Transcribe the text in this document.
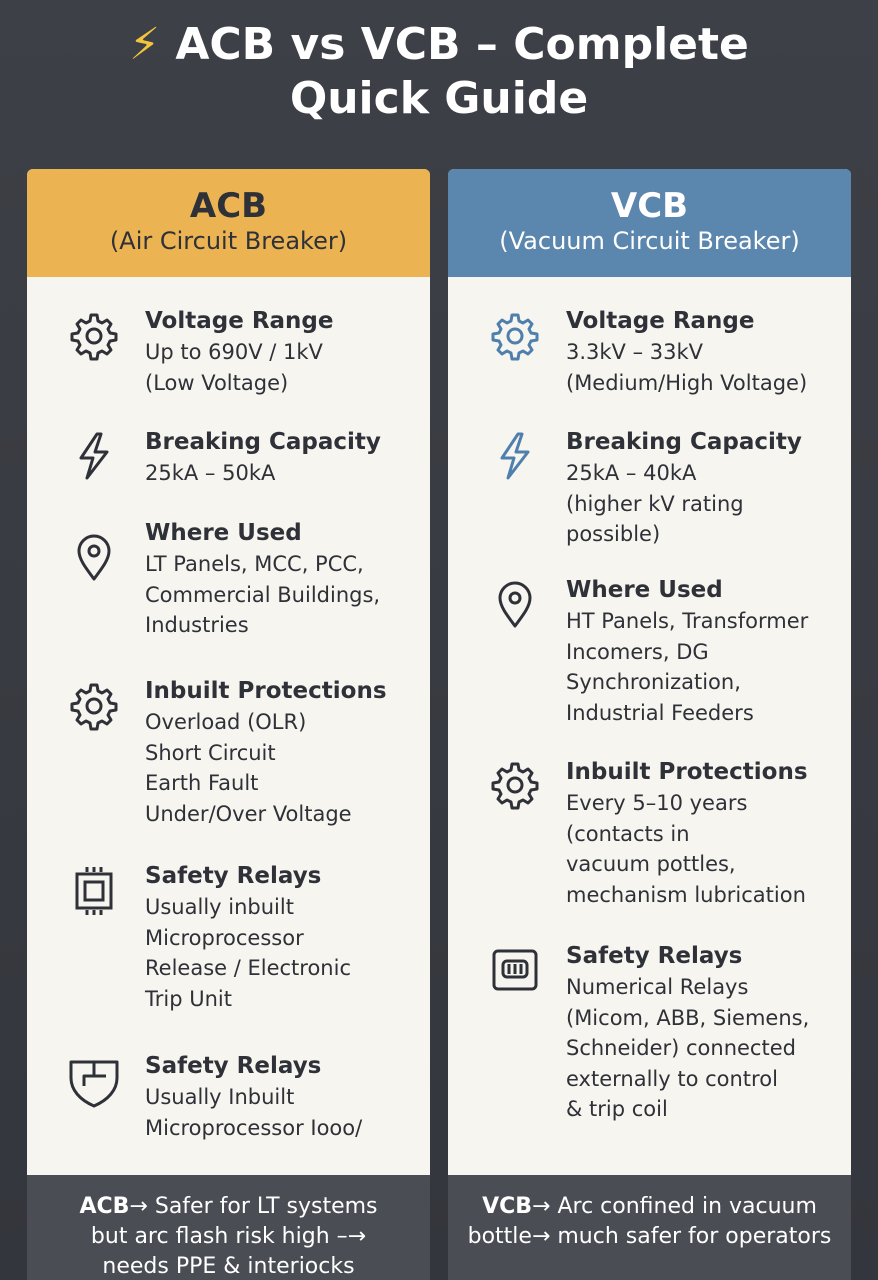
⚡ ACB vs VCB – Complete
Quick Guide
ACB
(Air Circuit Breaker)
Voltage Range
Up to 690V / 1kV
(Low Voltage)
Breaking Capacity
25kA – 50kA
Where Used
LT Panels, MCC, PCC,
Commercial Buildings,
Industries
Inbuilt Protections
Overload (OLR)
Short Circuit
Earth Fault
Under/Over Voltage
Safety Relays
Usually inbuilt
Microprocessor
Release / Electronic
Trip Unit
Safety Relays
Usually Inbuilt
Microprocessor Iooo/
VCB
(Vacuum Circuit Breaker)
Voltage Range
3.3kV – 33kV
(Medium/High Voltage)
Breaking Capacity
25kA – 40kA
(higher kV rating
possible)
Where Used
HT Panels, Transformer
Incomers, DG
Synchronization,
Industrial Feeders
Inbuilt Protections
Every 5–10 years
(contacts in
vacuum pottles,
mechanism lubrication
Safety Relays
Numerical Relays
(Micom, ABB, Siemens,
Schneider) connected
externally to control
& trip coil
ACB→ Safer for LT systems
but arc flash risk high –→
needs PPE & interiocks
VCB→ Arc confined in vacuum
bottle→ much safer for operators
